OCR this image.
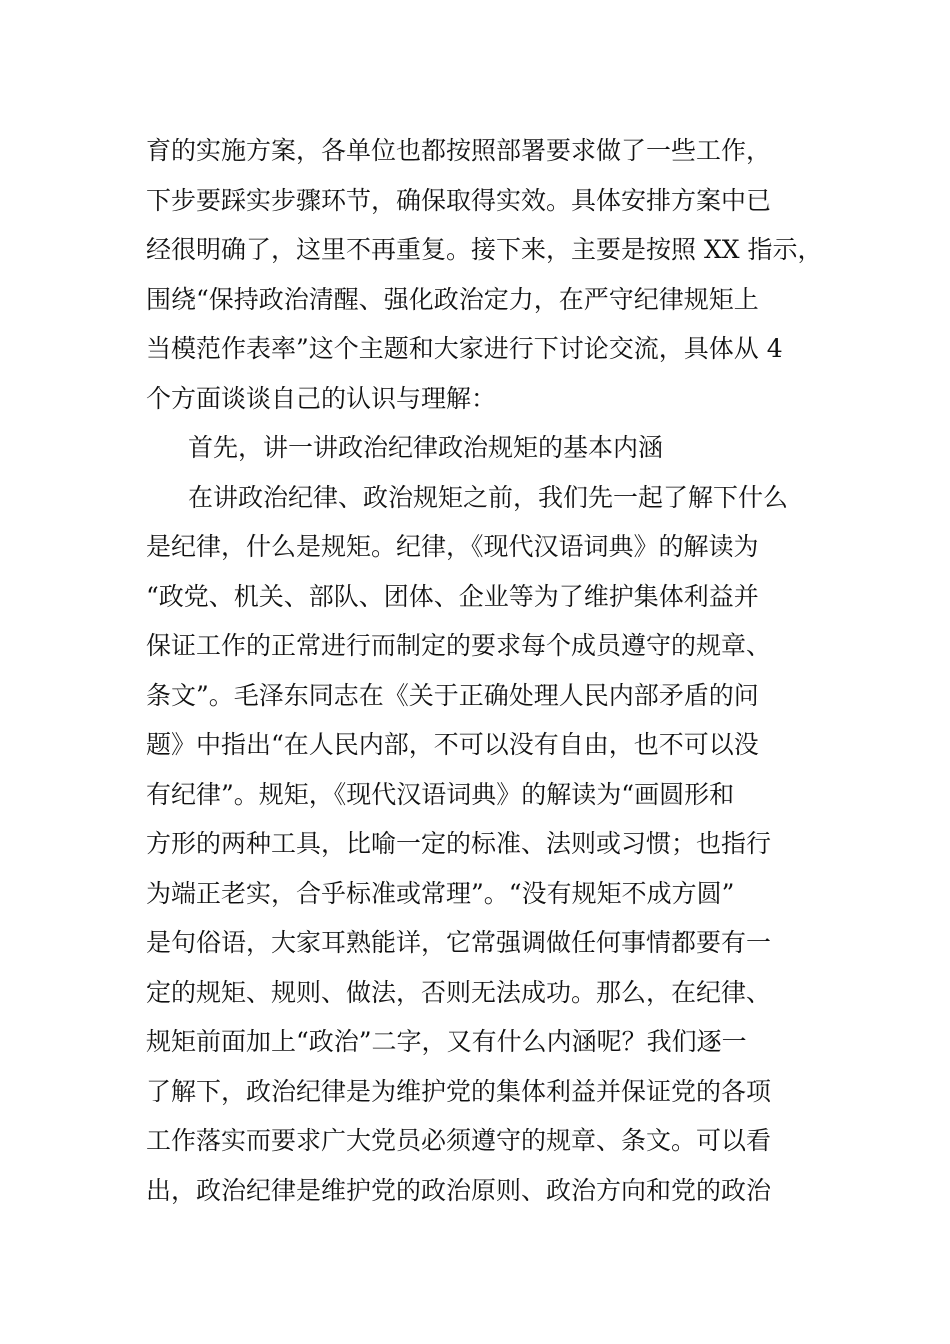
育的实施方案，各单位也都按照部署要求做了一些工作，
下步要踩实步骤环节，确保取得实效。具体安排方案中已
经很明确了，这里不再重复。接下来，主要是按照 XX 指示，
围绕“保持政治清醒、强化政治定力，在严守纪律规矩上
当模范作表率”这个主题和大家进行下讨论交流，具体从 4
个方面谈谈自己的认识与理解：
首先，讲一讲政治纪律政治规矩的基本内涵
在讲政治纪律、政治规矩之前，我们先一起了解下什么
是纪律，什么是规矩。纪律，《现代汉语词典》的解读为
“政党、机关、部队、团体、企业等为了维护集体利益并
保证工作的正常进行而制定的要求每个成员遵守的规章、
条文”。毛泽东同志在《关于正确处理人民内部矛盾的问
题》中指出“在人民内部，不可以没有自由，也不可以没
有纪律”。规矩，《现代汉语词典》的解读为“画圆形和
方形的两种工具，比喻一定的标准、法则或习惯；也指行
为端正老实，合乎标准或常理”。“没有规矩不成方圆”
是句俗语，大家耳熟能详，它常强调做任何事情都要有一
定的规矩、规则、做法，否则无法成功。那么，在纪律、
规矩前面加上“政治”二字，又有什么内涵呢？我们逐一
了解下，政治纪律是为维护党的集体利益并保证党的各项
工作落实而要求广大党员必须遵守的规章、条文。可以看
出，政治纪律是维护党的政治原则、政治方向和党的政治
